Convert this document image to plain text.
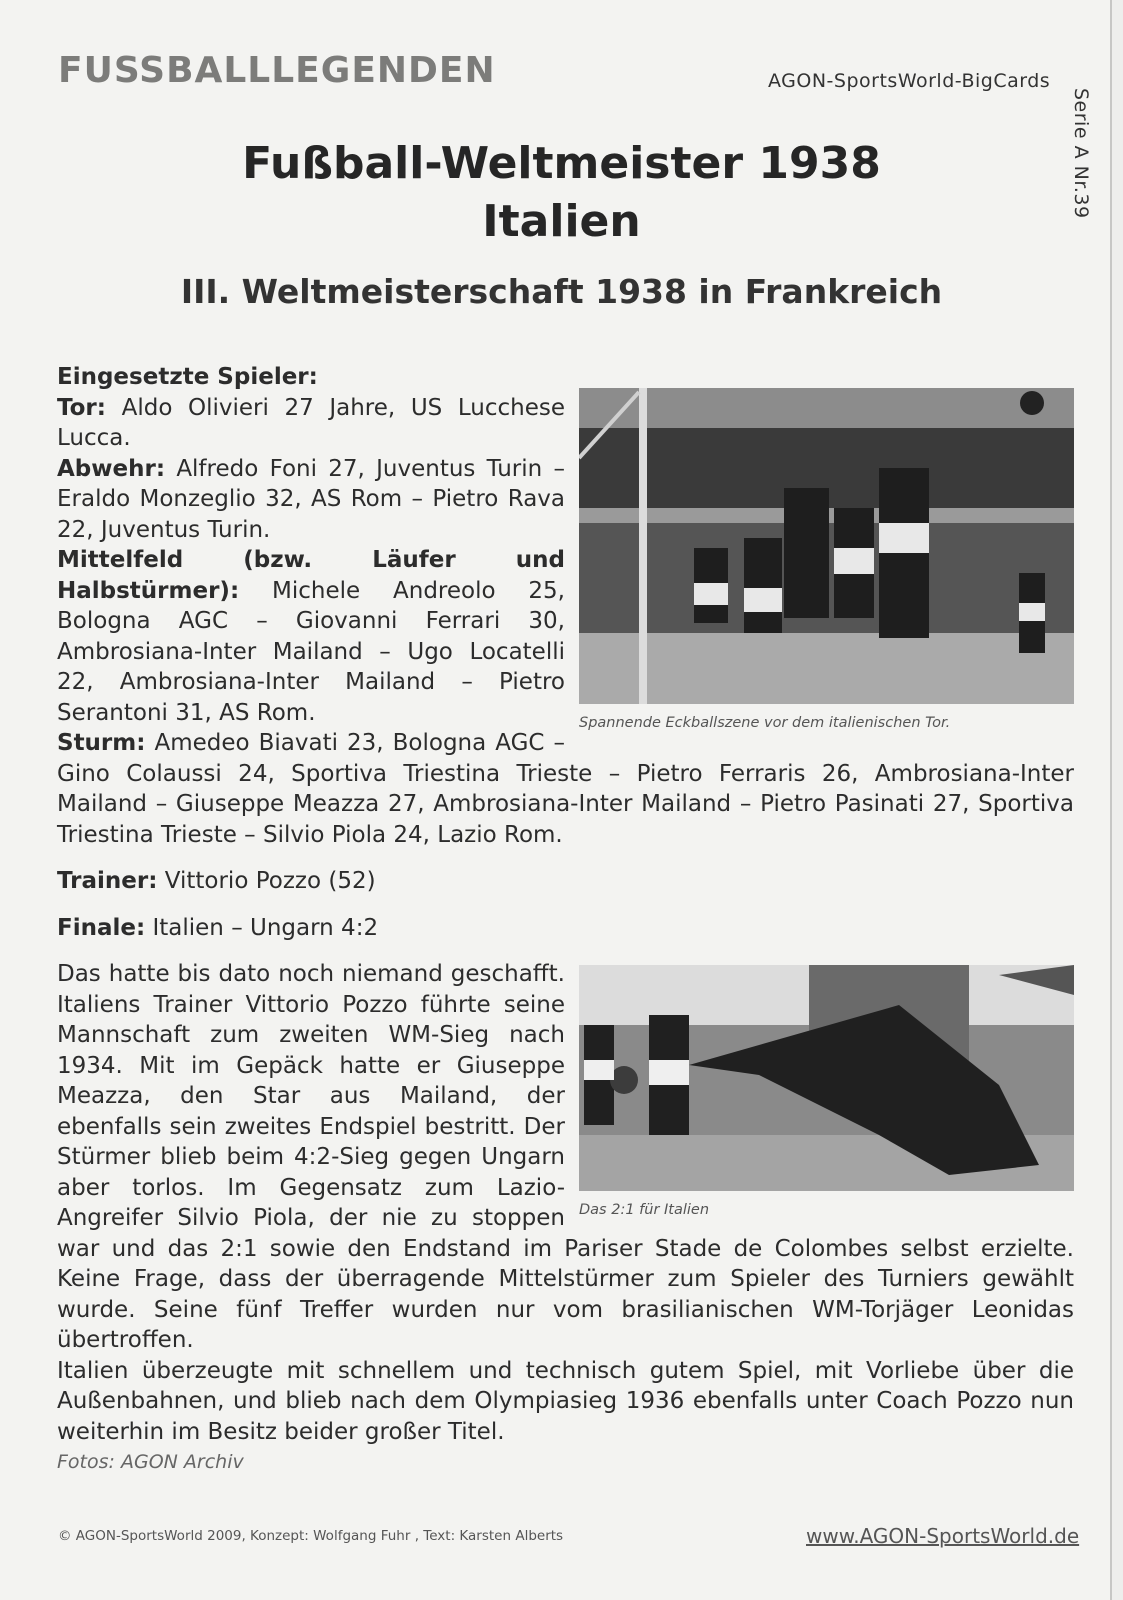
FUSSBALLLEGENDEN	AGON-SportsWorld-BigCards
Serie A Nr.39
Fußball-Weltmeister 1938
Italien
III. Weltmeisterschaft 1938 in Frankreich
Spannende Eckballszene vor dem italienischen Tor.

Eingesetzte Spieler:

Tor: Aldo Olivieri 27 Jahre, US Lucchese Lucca.

Abwehr: Alfredo Foni 27, Juventus Turin – Eraldo Monzeglio 32, AS Rom – Pietro Rava 22, Juventus Turin.

Mittelfeld (bzw. Läufer und Halbstürmer): Michele Andreolo 25, Bologna AGC – Giovanni Ferrari 30, Ambrosiana-Inter Mailand – Ugo Locatelli 22, Ambrosiana-Inter Mailand – Pietro Serantoni 31, AS Rom.

Sturm: Amedeo Biavati 23, Bologna AGC – Gino Colaussi 24, Sportiva Triestina Trieste – Pietro Ferraris 26, Ambrosiana-Inter Mailand – Giuseppe Meazza 27, Ambrosiana-Inter Mailand – Pietro Pasinati 27, Sportiva Triestina Trieste – Silvio Piola 24, Lazio Rom.

Trainer: Vittorio Pozzo (52)

Finale: Italien – Ungarn 4:2

Das 2:1 für Italien

Das hatte bis dato noch niemand geschafft. Italiens Trainer Vittorio Pozzo führte seine Mannschaft zum zweiten WM-Sieg nach 1934. Mit im Gepäck hatte er Giuseppe Meazza, den Star aus Mailand, der ebenfalls sein zweites Endspiel bestritt. Der Stürmer blieb beim 4:2-Sieg gegen Ungarn aber torlos. Im Gegensatz zum Lazio-Angreifer Silvio Piola, der nie zu stoppen war und das 2:1 sowie den Endstand im Pariser Stade de Colombes selbst erzielte. Keine Frage, dass der überragende Mittelstürmer zum Spieler des Turniers gewählt wurde. Seine fünf Treffer wurden nur vom brasilianischen WM-Torjäger Leonidas übertroffen.

Italien überzeugte mit schnellem und technisch gutem Spiel, mit Vorliebe über die Außenbahnen, und blieb nach dem Olympiasieg 1936 ebenfalls unter Coach Pozzo nun weiterhin im Besitz beider großer Titel.

Fotos: AGON Archiv

© AGON-SportsWorld 2009, Konzept: Wolfgang Fuhr , Text: Karsten Alberts	www.AGON-SportsWorld.de
